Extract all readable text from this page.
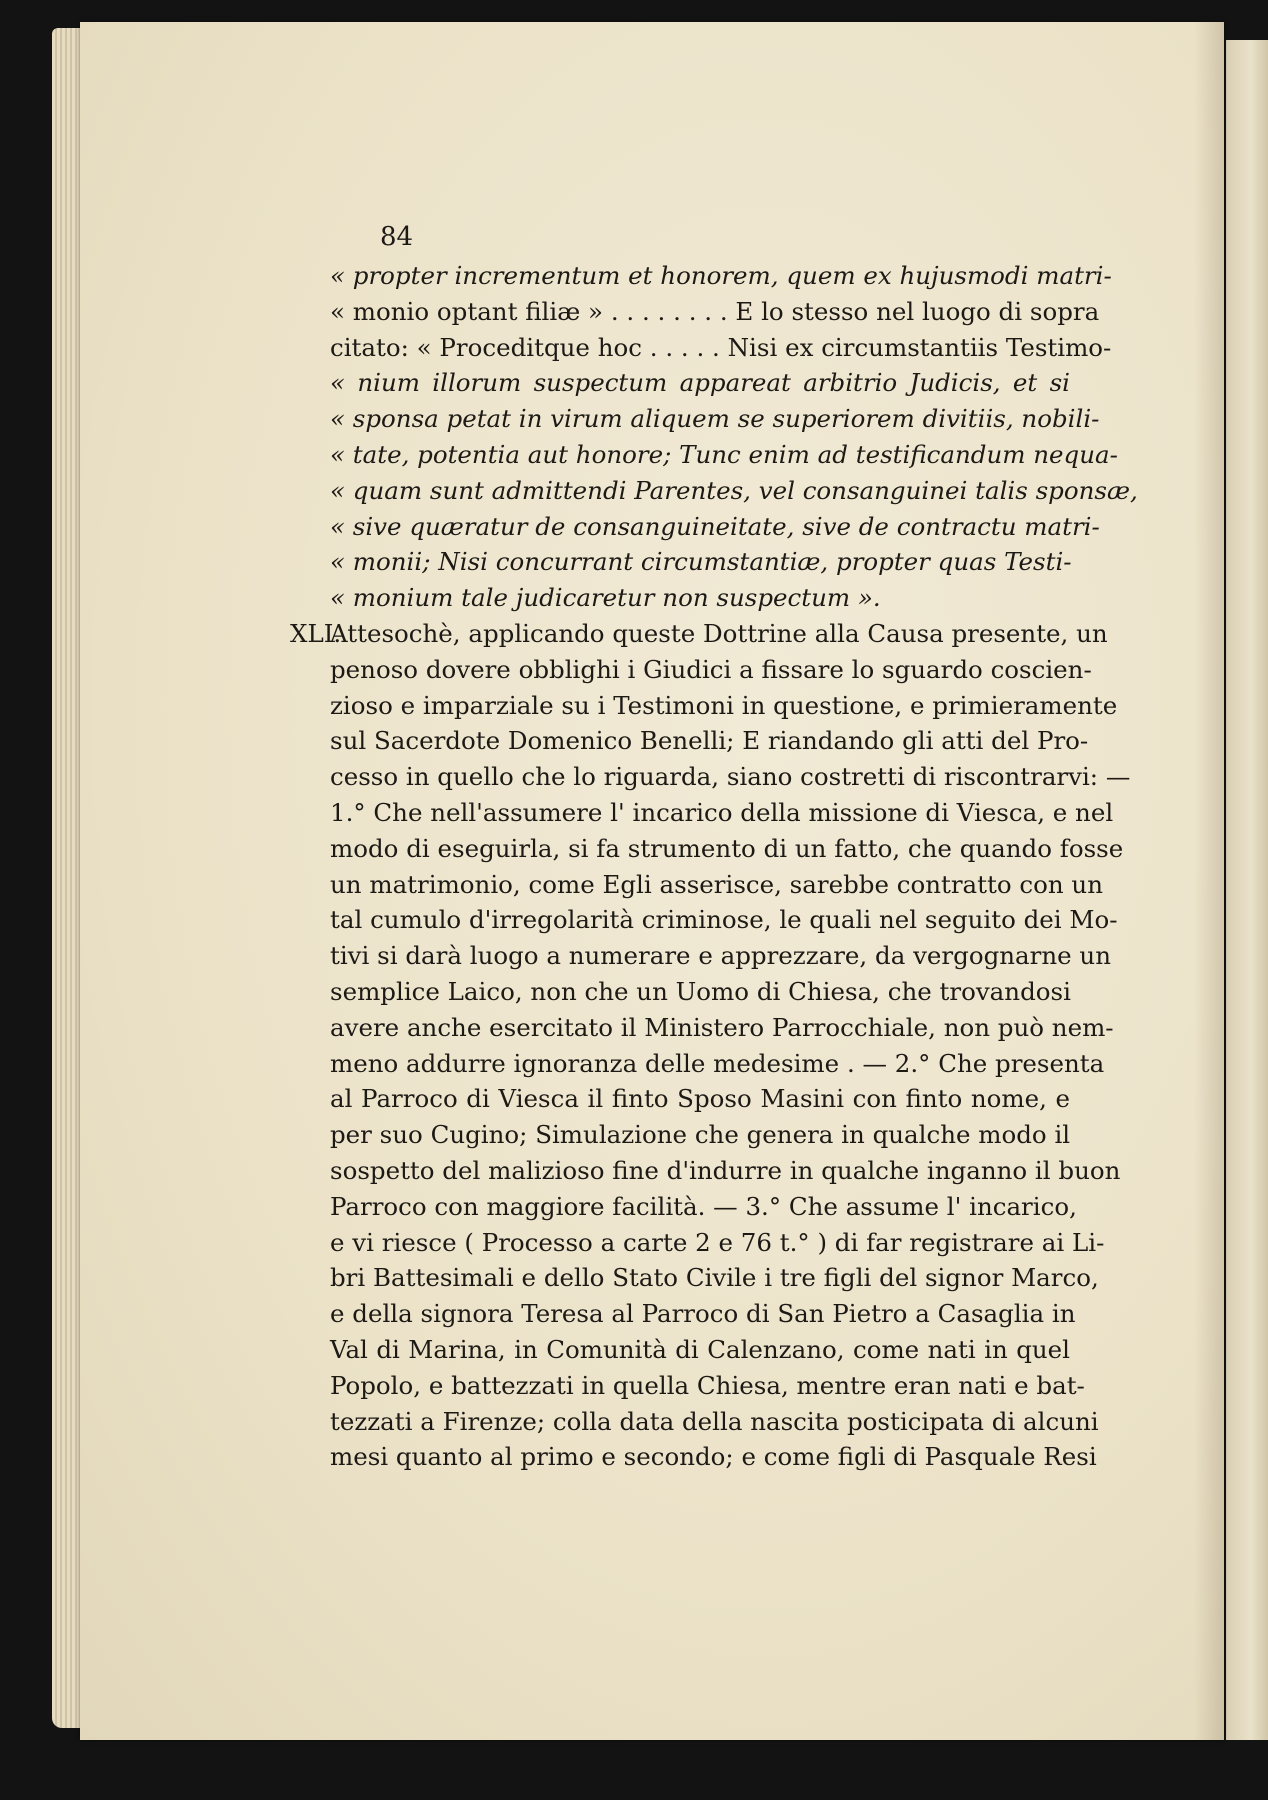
84
« propter incrementum et honorem, quem ex hujusmodi matri-
« monio optant filiæ » . . . . . . . . E lo stesso nel luogo di sopra
citato: « Proceditque hoc . . . . . Nisi ex circumstantiis Testimo-
« nium illorum suspectum appareat arbitrio Judicis, et si
« sponsa petat in virum aliquem se superiorem divitiis, nobili-
« tate, potentia aut honore; Tunc enim ad testificandum nequa-
« quam sunt admittendi Parentes, vel consanguinei talis sponsæ,
« sive quæratur de consanguineitate, sive de contractu matri-
« monii; Nisi concurrant circumstantiæ, propter quas Testi-
« monium tale judicaretur non suspectum ».
XLI.
Attesochè, applicando queste Dottrine alla Causa presente, un
penoso dovere obblighi i Giudici a fissare lo sguardo coscien-
zioso e imparziale su i Testimoni in questione, e primieramente
sul Sacerdote Domenico Benelli; E riandando gli atti del Pro-
cesso in quello che lo riguarda, siano costretti di riscontrarvi: —
1.° Che nell'assumere l' incarico della missione di Viesca, e nel
modo di eseguirla, si fa strumento di un fatto, che quando fosse
un matrimonio, come Egli asserisce, sarebbe contratto con un
tal cumulo d'irregolarità criminose, le quali nel seguito dei Mo-
tivi si darà luogo a numerare e apprezzare, da vergognarne un
semplice Laico, non che un Uomo di Chiesa, che trovandosi
avere anche esercitato il Ministero Parrocchiale, non può nem-
meno addurre ignoranza delle medesime . — 2.° Che presenta
al Parroco di Viesca il finto Sposo Masini con finto nome, e
per suo Cugino; Simulazione che genera in qualche modo il
sospetto del malizioso fine d'indurre in qualche inganno il buon
Parroco con maggiore facilità. — 3.° Che assume l' incarico,
e vi riesce ( Processo a carte 2 e 76 t.° ) di far registrare ai Li-
bri Battesimali e dello Stato Civile i tre figli del signor Marco,
e della signora Teresa al Parroco di San Pietro a Casaglia in
Val di Marina, in Comunità di Calenzano, come nati in quel
Popolo, e battezzati in quella Chiesa, mentre eran nati e bat-
tezzati a Firenze; colla data della nascita posticipata di alcuni
mesi quanto al primo e secondo; e come figli di Pasquale Resi
